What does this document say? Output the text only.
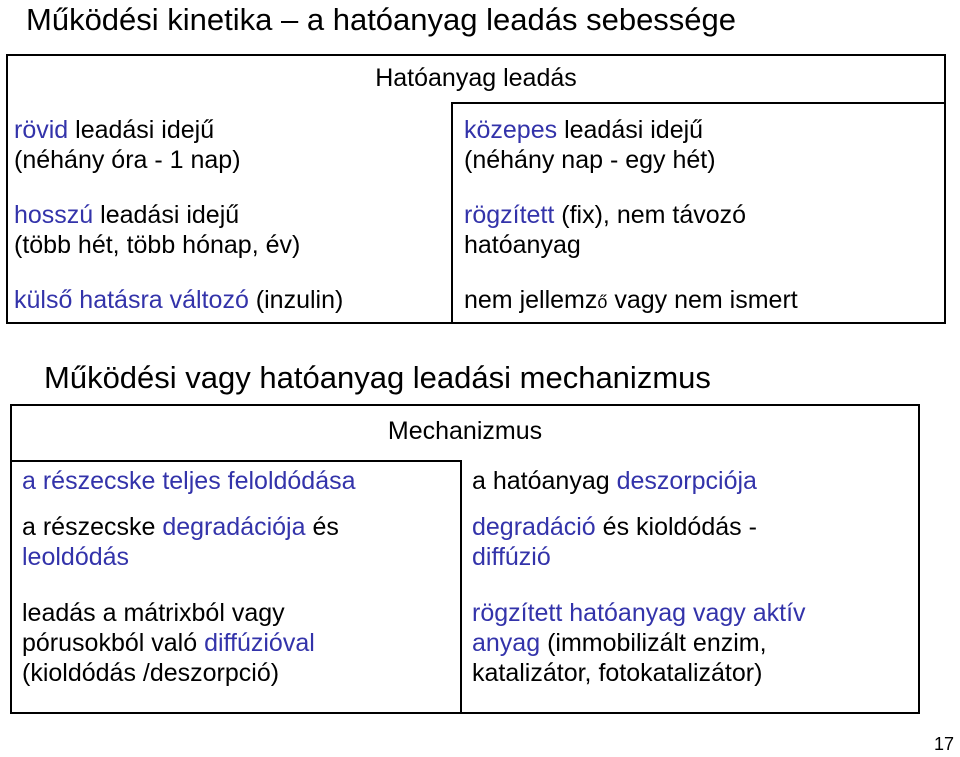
Működési kinetika – a hatóanyag leadás sebessége
Hatóanyag leadás
rövid leadási idejű
(néhány óra - 1 nap)
hosszú leadási idejű
(több hét, több hónap, év)
külső hatásra változó (inzulin)
közepes leadási idejű
(néhány nap - egy hét)
rögzített (fix), nem távozó
hatóanyag
nem jellemző vagy nem ismert
Működési vagy hatóanyag leadási mechanizmus
Mechanizmus
a részecske teljes feloldódása
a részecske degradációja és
leoldódás
leadás a mátrixból vagy
pórusokból való diffúzióval
(kioldódás /deszorpció)
a hatóanyag deszorpciója
degradáció és kioldódás -
diffúzió
rögzített hatóanyag vagy aktív
anyag (immobilizált enzim,
katalizátor, fotokatalizátor)
17
